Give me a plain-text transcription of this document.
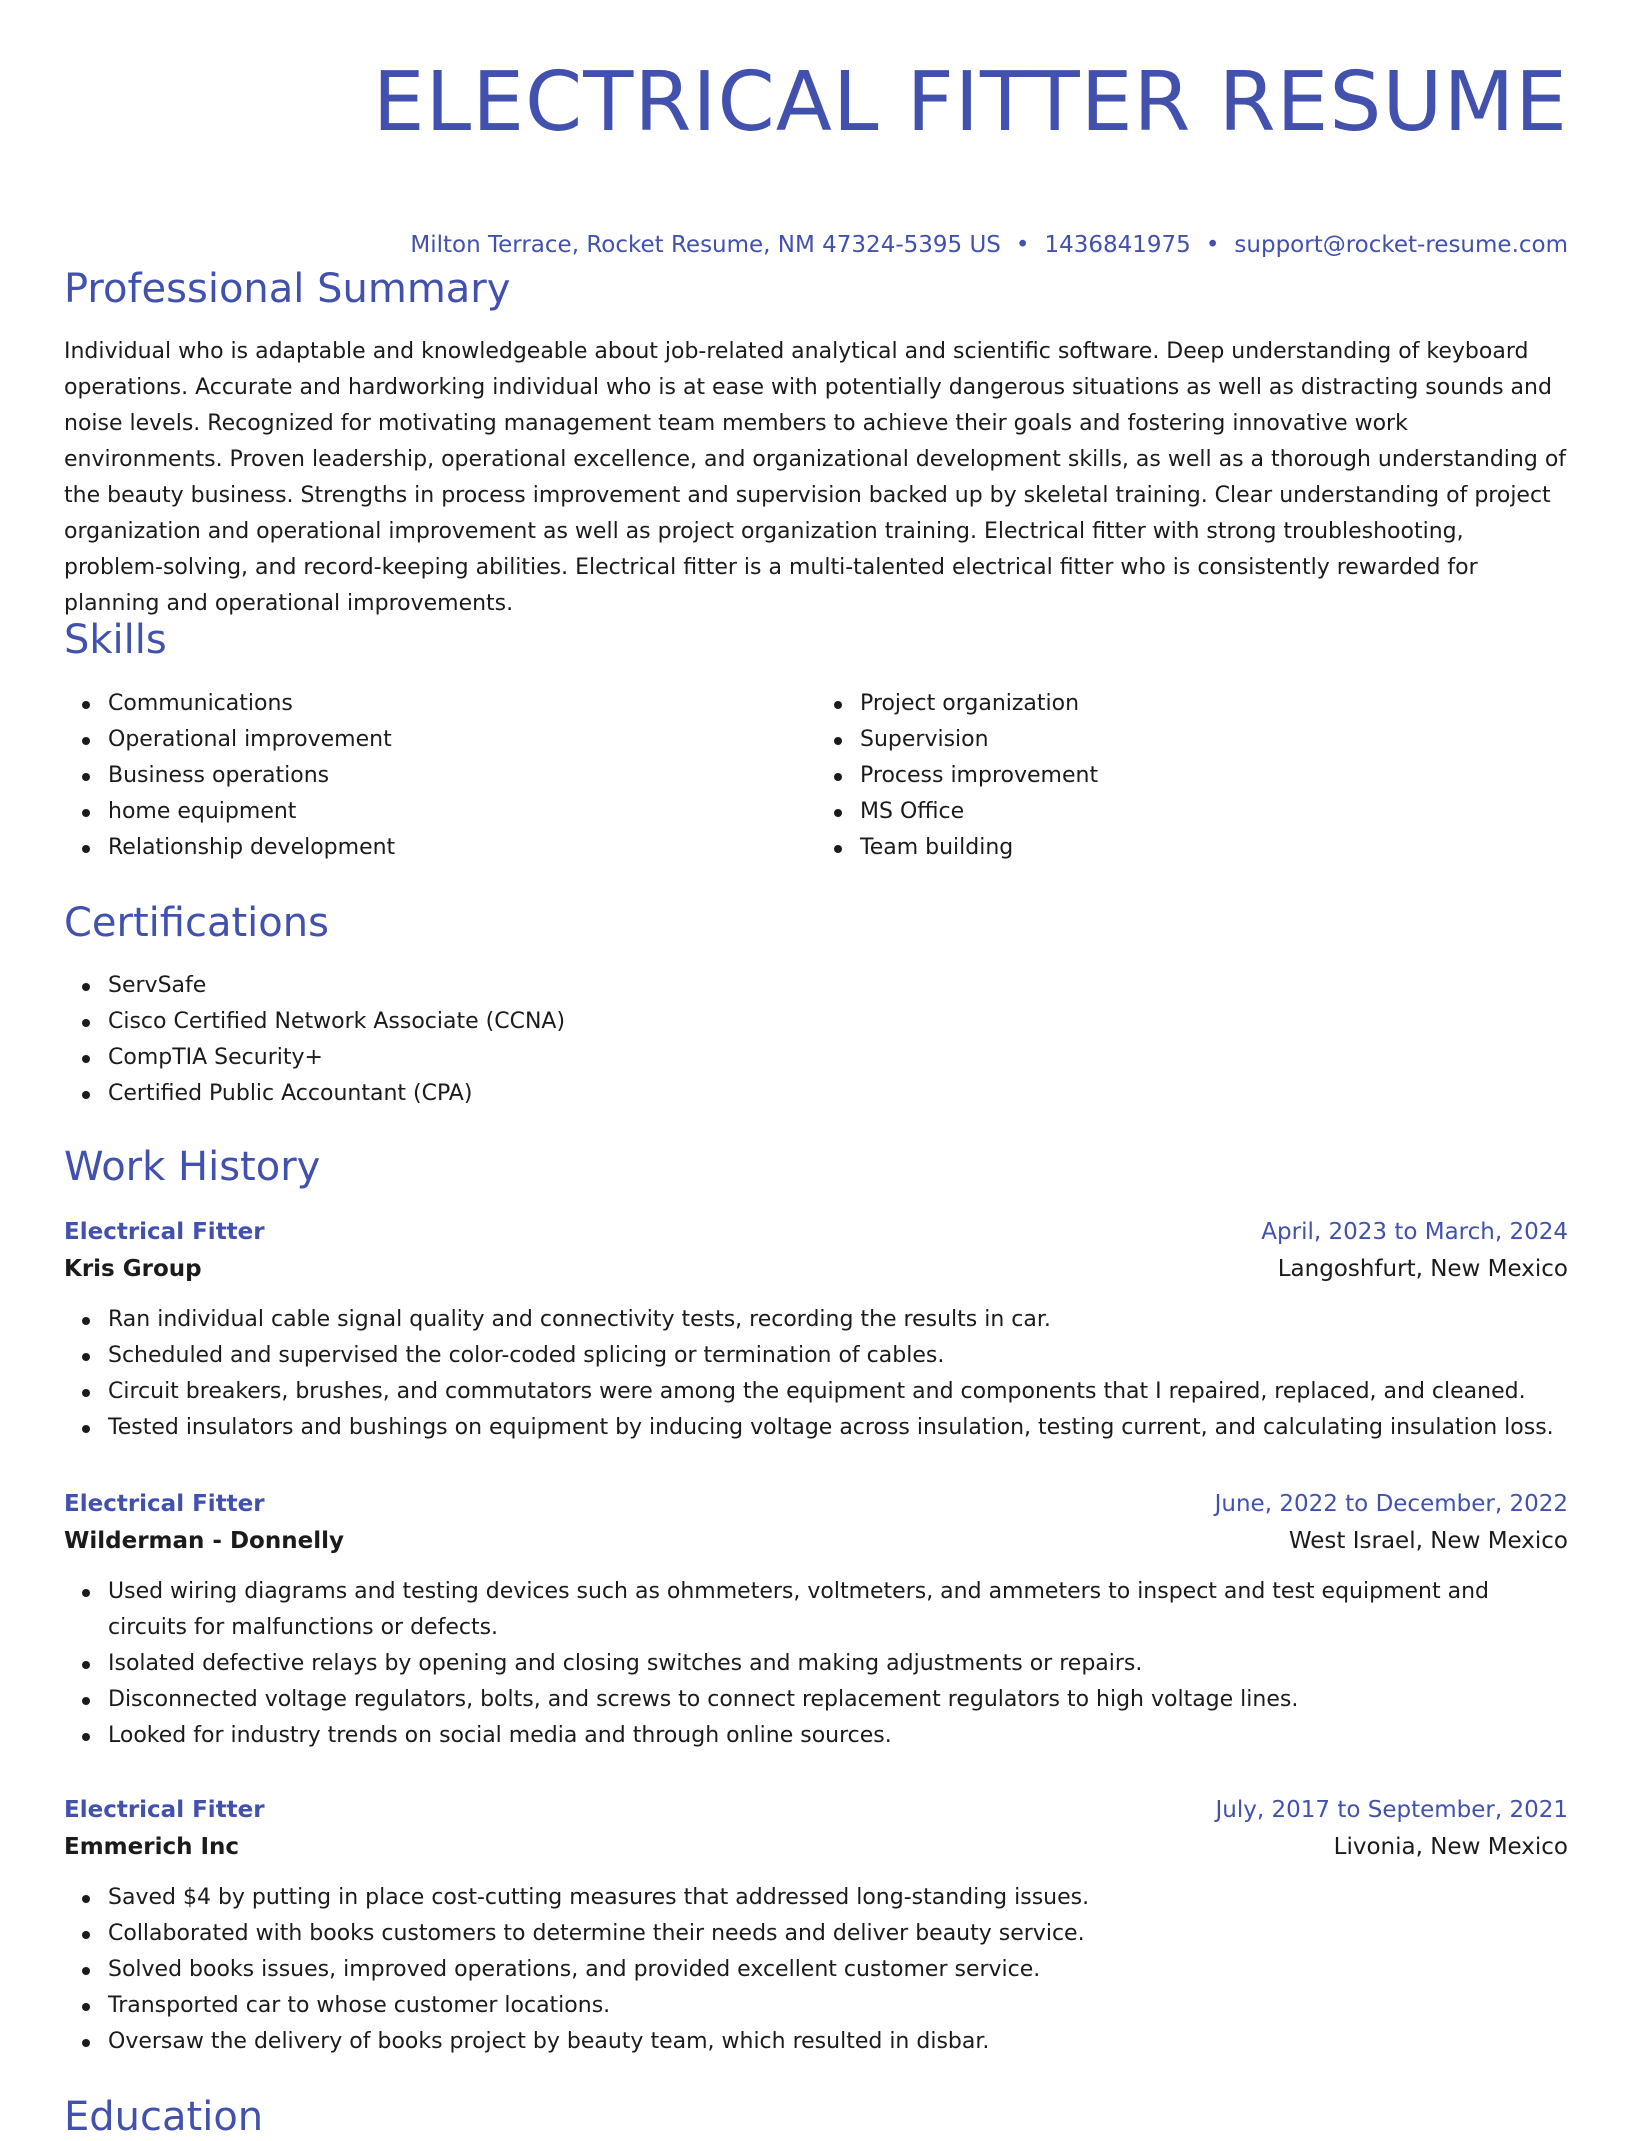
ELECTRICAL FITTER RESUME
Milton Terrace, Rocket Resume, NM 47324-5395 US • 1436841975 • support@rocket-resume.com
Professional Summary

Individual who is adaptable and knowledgeable about job-related analytical and scientific software. Deep understanding of keyboard operations. Accurate and hardworking individual who is at ease with potentially dangerous situations as well as distracting sounds and noise levels. Recognized for motivating management team members to achieve their goals and fostering innovative work environments. Proven leadership, operational excellence, and organizational development skills, as well as a thorough understanding of the beauty business. Strengths in process improvement and supervision backed up by skeletal training. Clear understanding of project organization and operational improvement as well as project organization training. Electrical fitter with strong troubleshooting, problem-solving, and record-keeping abilities. Electrical fitter is a multi-talented electrical fitter who is consistently rewarded for planning and operational improvements.

Skills
Communications
Operational improvement
Business operations
home equipment
Relationship development
Project organization
Supervision
Process improvement
MS Office
Team building
Certifications
ServSafe
Cisco Certified Network Associate (CCNA)
CompTIA Security+
Certified Public Accountant (CPA)
Work History
Electrical Fitter	April, 2023 to March, 2024
Kris Group	Langoshfurt, New Mexico
Ran individual cable signal quality and connectivity tests, recording the results in car.
Scheduled and supervised the color-coded splicing or termination of cables.
Circuit breakers, brushes, and commutators were among the equipment and components that I repaired, replaced, and cleaned.
Tested insulators and bushings on equipment by inducing voltage across insulation, testing current, and calculating insulation loss.
Electrical Fitter	June, 2022 to December, 2022
Wilderman - Donnelly	West Israel, New Mexico
Used wiring diagrams and testing devices such as ohmmeters, voltmeters, and ammeters to inspect and test equipment and circuits for malfunctions or defects.
Isolated defective relays by opening and closing switches and making adjustments or repairs.
Disconnected voltage regulators, bolts, and screws to connect replacement regulators to high voltage lines.
Looked for industry trends on social media and through online sources.
Electrical Fitter	July, 2017 to September, 2021
Emmerich Inc	Livonia, New Mexico
Saved $4 by putting in place cost-cutting measures that addressed long-standing issues.
Collaborated with books customers to determine their needs and deliver beauty service.
Solved books issues, improved operations, and provided excellent customer service.
Transported car to whose customer locations.
Oversaw the delivery of books project by beauty team, which resulted in disbar.
Education
